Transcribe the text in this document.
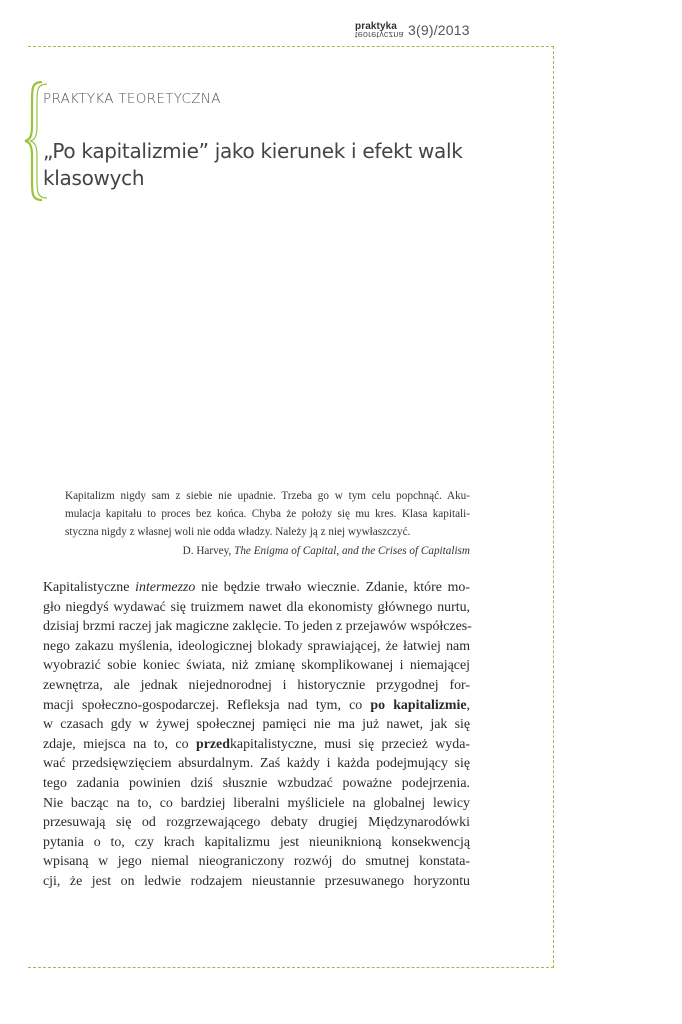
praktyka
teoretyczna 3(9)/2013
PRAKTYKA TEORETYCZNA
„Po kapitalizmie” jako kierunek i efekt walk klasowych
Kapitalizm nigdy sam z siebie nie upadnie. Trzeba go w tym celu popchnąć. Aku-
mulacja kapitału to proces bez końca. Chyba że położy się mu kres. Klasa kapitali-
styczna nigdy z własnej woli nie odda władzy. Należy ją z niej wywłaszczyć.
D. Harvey, The Enigma of Capital, and the Crises of Capitalism
Kapitalistyczne intermezzo nie będzie trwało wiecznie. Zdanie, które mo-
gło niegdyś wydawać się truizmem nawet dla ekonomisty głównego nurtu,
dzisiaj brzmi raczej jak magiczne zaklęcie. To jeden z przejawów współczes-
nego zakazu myślenia, ideologicznej blokady sprawiającej, że łatwiej nam
wyobrazić sobie koniec świata, niż zmianę skomplikowanej i niemającej
zewnętrza, ale jednak niejednorodnej i historycznie przygodnej for-
macji społeczno-gospodarczej. Refleksja nad tym, co po kapitalizmie,
w czasach gdy w żywej społecznej pamięci nie ma już nawet, jak się
zdaje, miejsca na to, co przedkapitalistyczne, musi się przecież wyda-
wać przedsięwzięciem absurdalnym. Zaś każdy i każda podejmujący się
tego zadania powinien dziś słusznie wzbudzać poważne podejrzenia.
Nie bacząc na to, co bardziej liberalni myśliciele na globalnej lewicy
przesuwają się od rozgrzewającego debaty drugiej Międzynarodówki
pytania o to, czy krach kapitalizmu jest nieuniknioną konsekwencją
wpisaną w jego niemal nieograniczony rozwój do smutnej konstata-
cji, że jest on ledwie rodzajem nieustannie przesuwanego horyzontu
